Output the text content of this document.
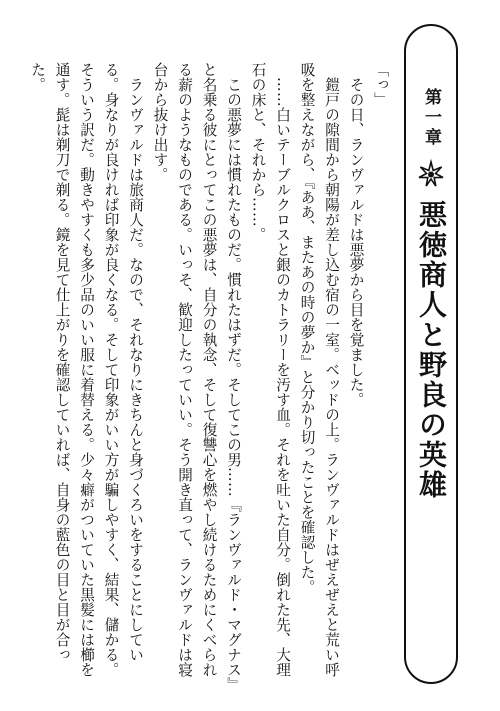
第一章
悪徳商人と野良の英雄

「っ」

その日、ランヴァルドは悪夢から目を覚ました。

鎧戸の隙間から朝陽が差し込む宿の一室。ベッドの上。ランヴァルドはぜえぜえと荒い呼吸を整えながら、『ああ、またあの時の夢か』と分かり切ったことを確認した。

……白いテーブルクロスと銀のカトラリーを汚す血。それを吐いた自分。倒れた先、大理石の床と、それから……。

この悪夢には慣れたものだ。慣れたはずだ。そしてこの男……『ランヴァルド・マグナス』と名乗る彼にとってこの悪夢は、自分の執念、そして復讐心を燃やし続けるためにくべられる薪のようなものである。いっそ、歓迎したっていい。そう開き直って、ランヴァルドは寝台から抜け出す。

ランヴァルドは旅商人だ。なので、それなりにきちんと身づくろいをすることにしている。身なりが良ければ印象が良くなる。そして印象がいい方が騙しやすく、結果、儲かる。そういう訳だ。動きやすくも多少品のいい服に着替える。少々癖がついていた黒髪には櫛を通す。髭は剃刀で剃る。鏡を見て仕上がりを確認していれば、自身の藍色の目と目が合った。
